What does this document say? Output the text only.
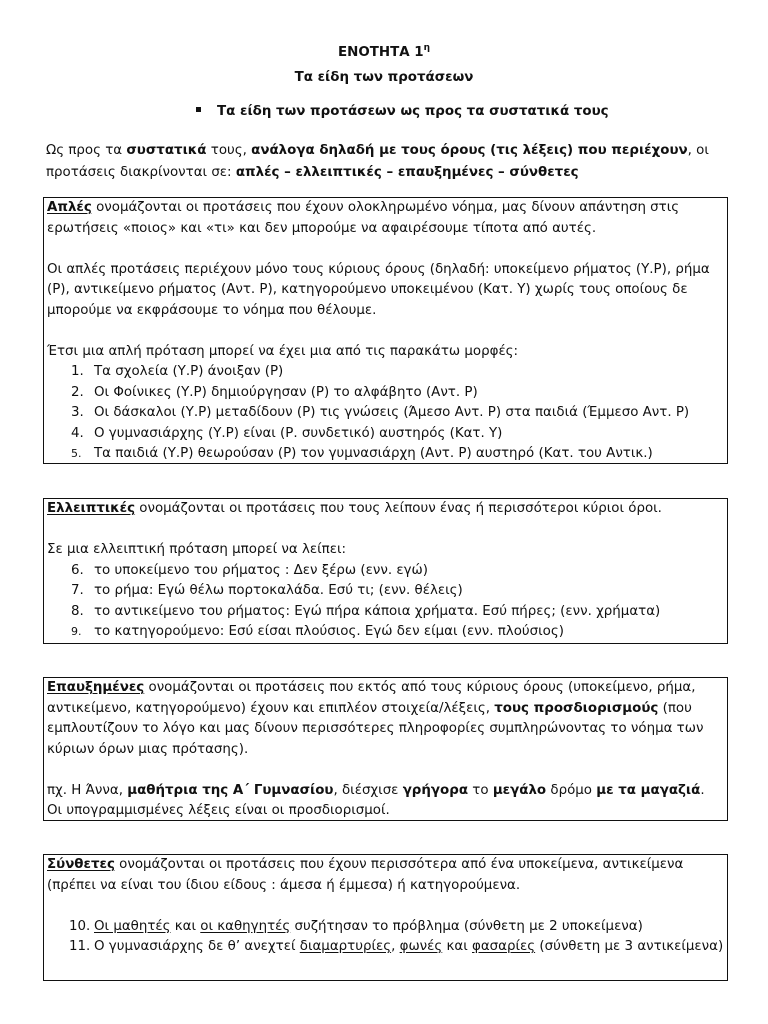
ΕΝΟΤΗΤΑ $1^\eta$
Τα είδη των προτάσεων
Τα είδη των προτάσεων ως προς τα συστατικά τους
Ως προς τα συστατικά τους, ανάλογα δηλαδή με τους όρους (τις λέξεις) που περιέχουν, οι προτάσεις διακρίνονται σε: απλές – ελλειπτικές – επαυξημένες – σύνθετες

Απλές ονομάζονται οι προτάσεις που έχουν ολοκληρωμένο νόημα, μας δίνουν απάντηση στις ερωτήσεις «ποιος» και «τι» και δεν μπορούμε να αφαιρέσουμε τίποτα από αυτές.

Οι απλές προτάσεις περιέχουν μόνο τους κύριους όρους (δηλαδή: υποκείμενο ρήματος (Υ.Ρ), ρήμα (Ρ), αντικείμενο ρήματος (Αντ. Ρ), κατηγορούμενο υποκειμένου (Κατ. Υ) χωρίς τους οποίους δε μπορούμε να εκφράσουμε το νόημα που θέλουμε.

Έτσι μια απλή πρόταση μπορεί να έχει μια από τις παρακάτω μορφές:

1. Τα σχολεία (Υ.Ρ) άνοιξαν (Ρ)
2. Οι Φοίνικες (Υ.Ρ) δημιούργησαν (Ρ) το αλφάβητο (Αντ. Ρ)
3. Οι δάσκαλοι (Υ.Ρ) μεταδίδουν (Ρ) τις γνώσεις (Άμεσο Αντ. Ρ) στα παιδιά (Έμμεσο Αντ. Ρ)
4. Ο γυμνασιάρχης (Υ.Ρ) είναι (Ρ. συνδετικό) αυστηρός (Κατ. Υ)
5. Τα παιδιά (Υ.Ρ) θεωρούσαν (Ρ) τον γυμνασιάρχη (Αντ. Ρ) αυστηρό (Κατ. του Αντικ.)

Ελλειπτικές ονομάζονται οι προτάσεις που τους λείπουν ένας ή περισσότεροι κύριοι όροι.

Σε μια ελλειπτική πρόταση μπορεί να λείπει:

6. το υποκείμενο του ρήματος : Δεν ξέρω (ενν. εγώ)
7. το ρήμα: Εγώ θέλω πορτοκαλάδα. Εσύ τι; (ενν. θέλεις)
8. το αντικείμενο του ρήματος: Εγώ πήρα κάποια χρήματα. Εσύ πήρες; (ενν. χρήματα)
9. το κατηγορούμενο: Εσύ είσαι πλούσιος. Εγώ δεν είμαι (ενν. πλούσιος)

Επαυξημένες ονομάζονται οι προτάσεις που εκτός από τους κύριους όρους (υποκείμενο, ρήμα, αντικείμενο, κατηγορούμενο) έχουν και επιπλέον στοιχεία/λέξεις, τους προσδιορισμούς (που εμπλουτίζουν το λόγο και μας δίνουν περισσότερες πληροφορίες συμπληρώνοντας το νόημα των κύριων όρων μιας πρότασης).

πχ. Η Άννα, μαθήτρια της Α΄ Γυμνασίου, διέσχισε γρήγορα το μεγάλο δρόμο με τα μαγαζιά.

Οι υπογραμμισμένες λέξεις είναι οι προσδιορισμοί.

Σύνθετες ονομάζονται οι προτάσεις που έχουν περισσότερα από ένα υποκείμενα, αντικείμενα (πρέπει να είναι του ίδιου είδους : άμεσα ή έμμεσα) ή κατηγορούμενα.

10. Οι μαθητές και οι καθηγητές συζήτησαν το πρόβλημα (σύνθετη με 2 υποκείμενα)
11. Ο γυμνασιάρχης δε θ’ ανεχτεί διαμαρτυρίες, φωνές και φασαρίες (σύνθετη με 3 αντικείμενα)
